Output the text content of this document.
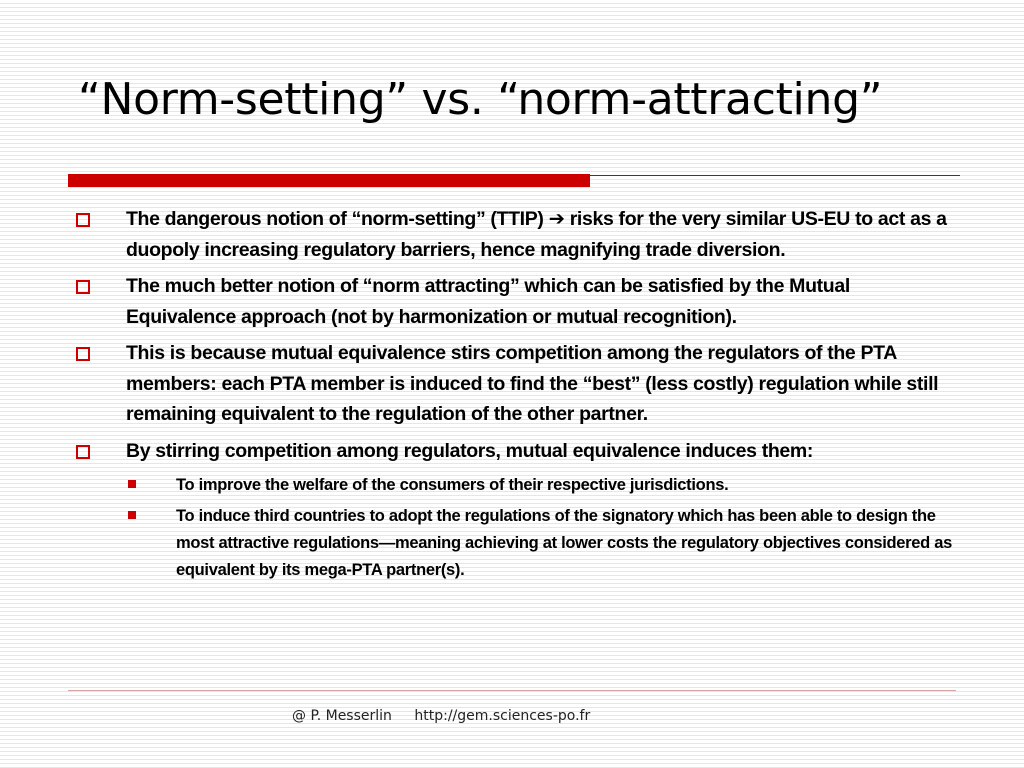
“Norm-setting” vs. “norm-attracting”
The dangerous notion of “norm-setting” (TTIP) ➔ risks for the very similar US-EU to act as a duopoly increasing regulatory barriers, hence magnifying trade diversion.
The much better notion of “norm attracting” which can be satisfied by the Mutual Equivalence approach (not by harmonization or mutual recognition).
This is because mutual equivalence stirs competition among the regulators of the PTA members: each PTA member is induced to find the “best” (less costly) regulation while still remaining equivalent to the regulation of the other partner.
By stirring competition among regulators, mutual equivalence induces them:
To improve the welfare of the consumers of their respective jurisdictions.
To induce third countries to adopt the regulations of the signatory which has been able to design the most attractive regulations—meaning achieving at lower costs the regulatory objectives considered as equivalent by its mega-PTA partner(s).
@ P. Messerlin http://gem.sciences-po.fr
